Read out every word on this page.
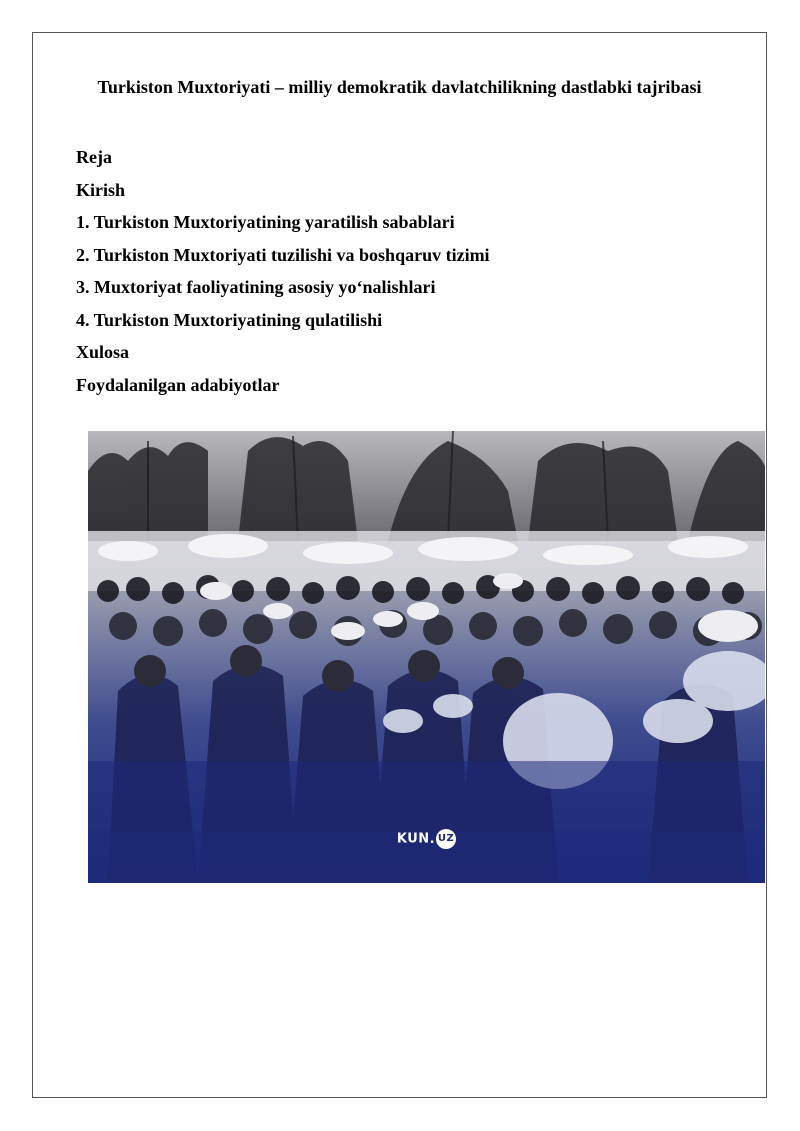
Turkiston Muxtoriyati – milliy demokratik davlatchilikning dastlabki tajribasi
Reja
Kirish
1. Turkiston Muxtoriyatining yaratilish sabablari
2. Turkiston Muxtoriyati tuzilishi va boshqaruv tizimi
3. Muxtoriyat faoliyatining asosiy yo‘nalishlari
4. Turkiston Muxtoriyatining qulatilishi
Xulosa
Foydalanilgan adabiyotlar
KUN. UZ
